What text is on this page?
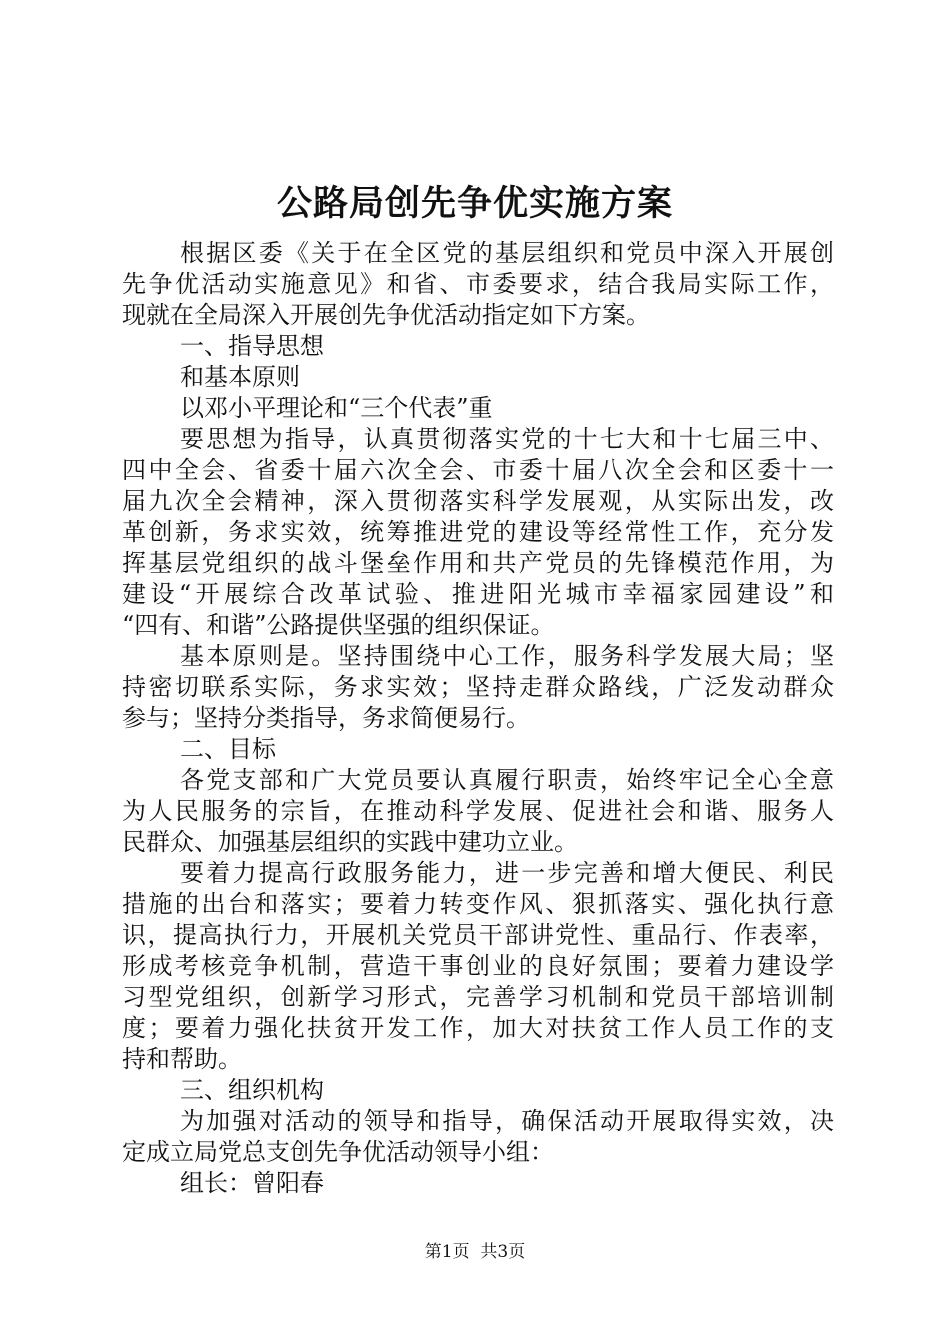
公路局创先争优实施方案
根据区委《关于在全区党的基层组织和党员中深入开展创
先争优活动实施意见》和省、市委要求，结合我局实际工作，
现就在全局深入开展创先争优活动指定如下方案。
一、指导思想
和基本原则
以邓小平理论和“三个代表”重
要思想为指导，认真贯彻落实党的十七大和十七届三中、
四中全会、省委十届六次全会、市委十届八次全会和区委十一
届九次全会精神，深入贯彻落实科学发展观，从实际出发，改
革创新，务求实效，统筹推进党的建设等经常性工作，充分发
挥基层党组织的战斗堡垒作用和共产党员的先锋模范作用，为
建设“开展综合改革试验、推进阳光城市幸福家园建设”和
“四有、和谐”公路提供坚强的组织保证。
基本原则是。坚持围绕中心工作，服务科学发展大局；坚
持密切联系实际，务求实效；坚持走群众路线，广泛发动群众
参与；坚持分类指导，务求简便易行。
二、目标
各党支部和广大党员要认真履行职责，始终牢记全心全意
为人民服务的宗旨，在推动科学发展、促进社会和谐、服务人
民群众、加强基层组织的实践中建功立业。
要着力提高行政服务能力，进一步完善和增大便民、利民
措施的出台和落实；要着力转变作风、狠抓落实、强化执行意
识，提高执行力，开展机关党员干部讲党性、重品行、作表率，
形成考核竞争机制，营造干事创业的良好氛围；要着力建设学
习型党组织，创新学习形式，完善学习机制和党员干部培训制
度；要着力强化扶贫开发工作，加大对扶贫工作人员工作的支
持和帮助。
三、组织机构
为加强对活动的领导和指导，确保活动开展取得实效，决
定成立局党总支创先争优活动领导小组：
组长：曾阳春
第1页  共3页
